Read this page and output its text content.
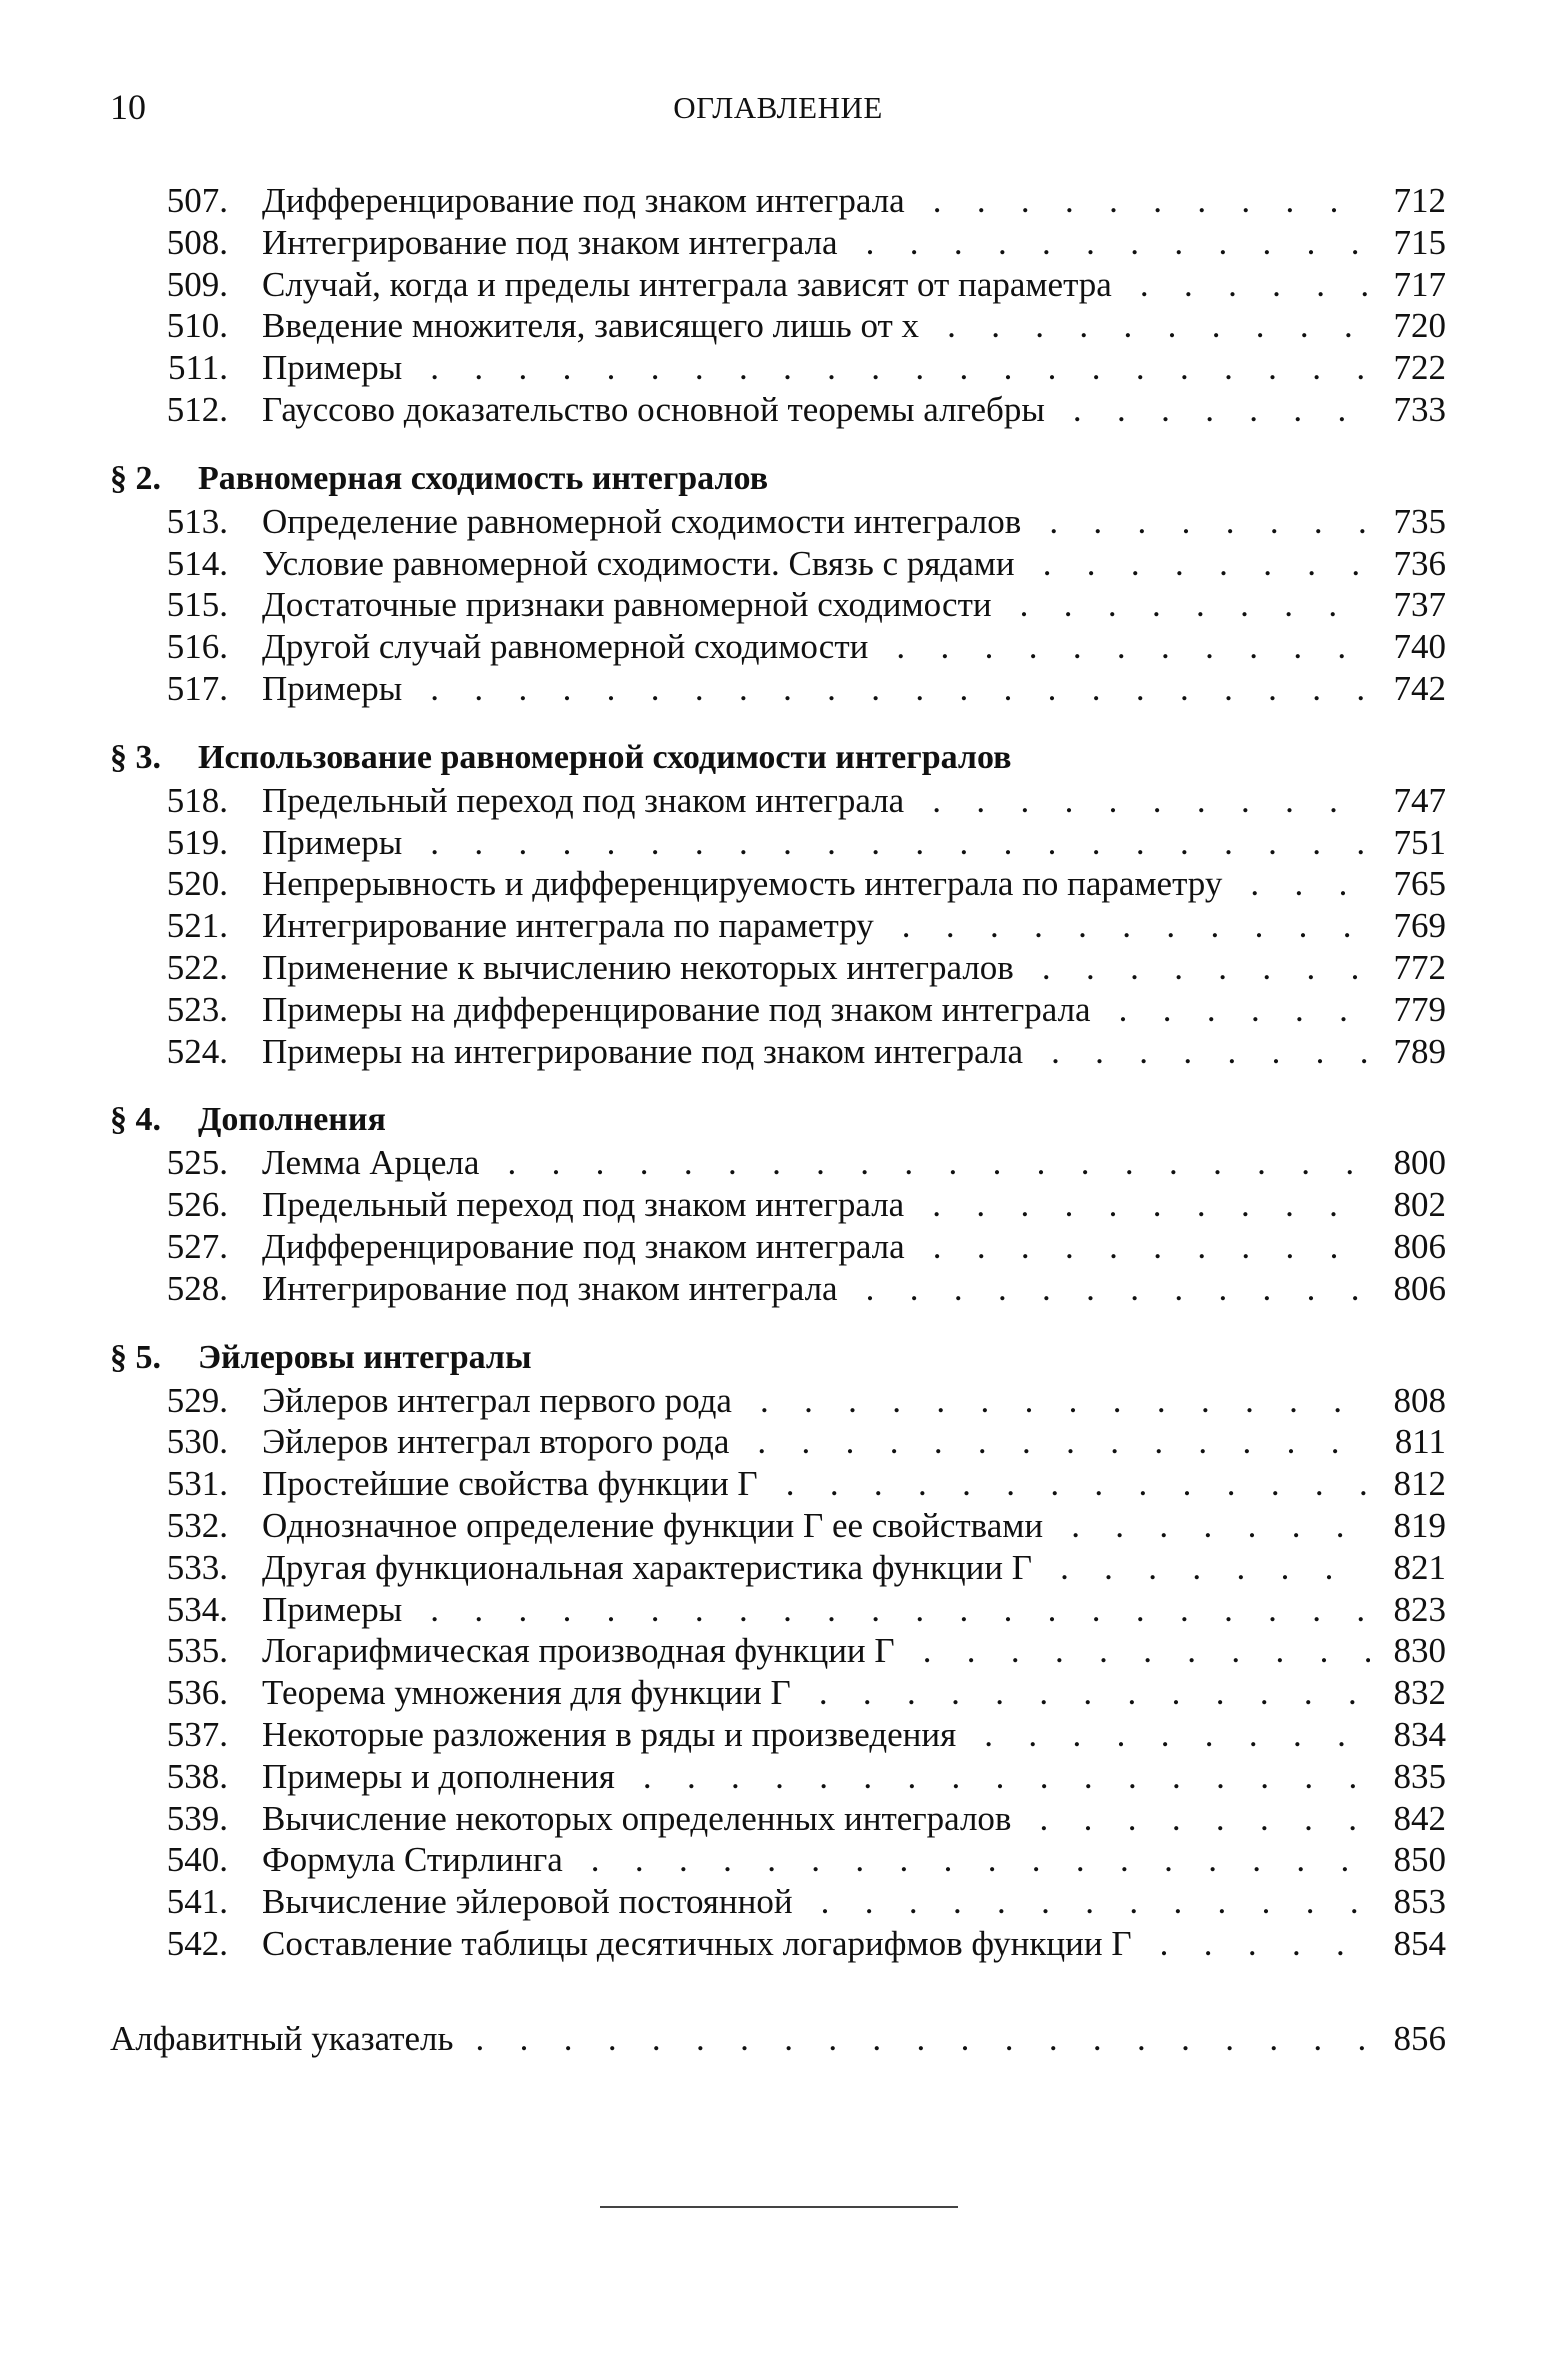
10	ОГЛАВЛЕНИЕ
507. Дифференцирование под знаком интеграла . . .	712
508. Интегрирование под знаком интеграла . . .	715
509. Случай, когда и пределы интеграла зависят от параметра . . .	717
510. Введение множителя, зависящего лишь от x . . .	720
511. Примеры . . .	722
512. Гауссово доказательство основной теоремы алгебры . . .	733
§ 2. Равномерная сходимость интегралов
513. Определение равномерной сходимости интегралов . . .	735
514. Условие равномерной сходимости. Связь с рядами . . .	736
515. Достаточные признаки равномерной сходимости . . .	737
516. Другой случай равномерной сходимости . . .	740
517. Примеры . . .	742
§ 3. Использование равномерной сходимости интегралов
518. Предельный переход под знаком интеграла . . .	747
519. Примеры . . .	751
520. Непрерывность и дифференцируемость интеграла по параметру . . .	765
521. Интегрирование интеграла по параметру . . .	769
522. Применение к вычислению некоторых интегралов . . .	772
523. Примеры на дифференцирование под знаком интеграла . . .	779
524. Примеры на интегрирование под знаком интеграла . . .	789
§ 4. Дополнения
525. Лемма Арцела . . .	800
526. Предельный переход под знаком интеграла . . .	802
527. Дифференцирование под знаком интеграла . . .	806
528. Интегрирование под знаком интеграла . . .	806
§ 5. Эйлеровы интегралы
529. Эйлеров интеграл первого рода . . .	808
530. Эйлеров интеграл второго рода . . .	811
531. Простейшие свойства функции Г . . .	812
532. Однозначное определение функции Г ее свойствами . . .	819
533. Другая функциональная характеристика функции Г . . .	821
534. Примеры . . .	823
535. Логарифмическая производная функции Г . . .	830
536. Теорема умножения для функции Г . . .	832
537. Некоторые разложения в ряды и произведения . . .	834
538. Примеры и дополнения . . .	835
539. Вычисление некоторых определенных интегралов . . .	842
540. Формула Стирлинга . . .	850
541. Вычисление эйлеровой постоянной . . .	853
542. Составление таблицы десятичных логарифмов функции Г . . .	854
Алфавитный указатель . . .	856
